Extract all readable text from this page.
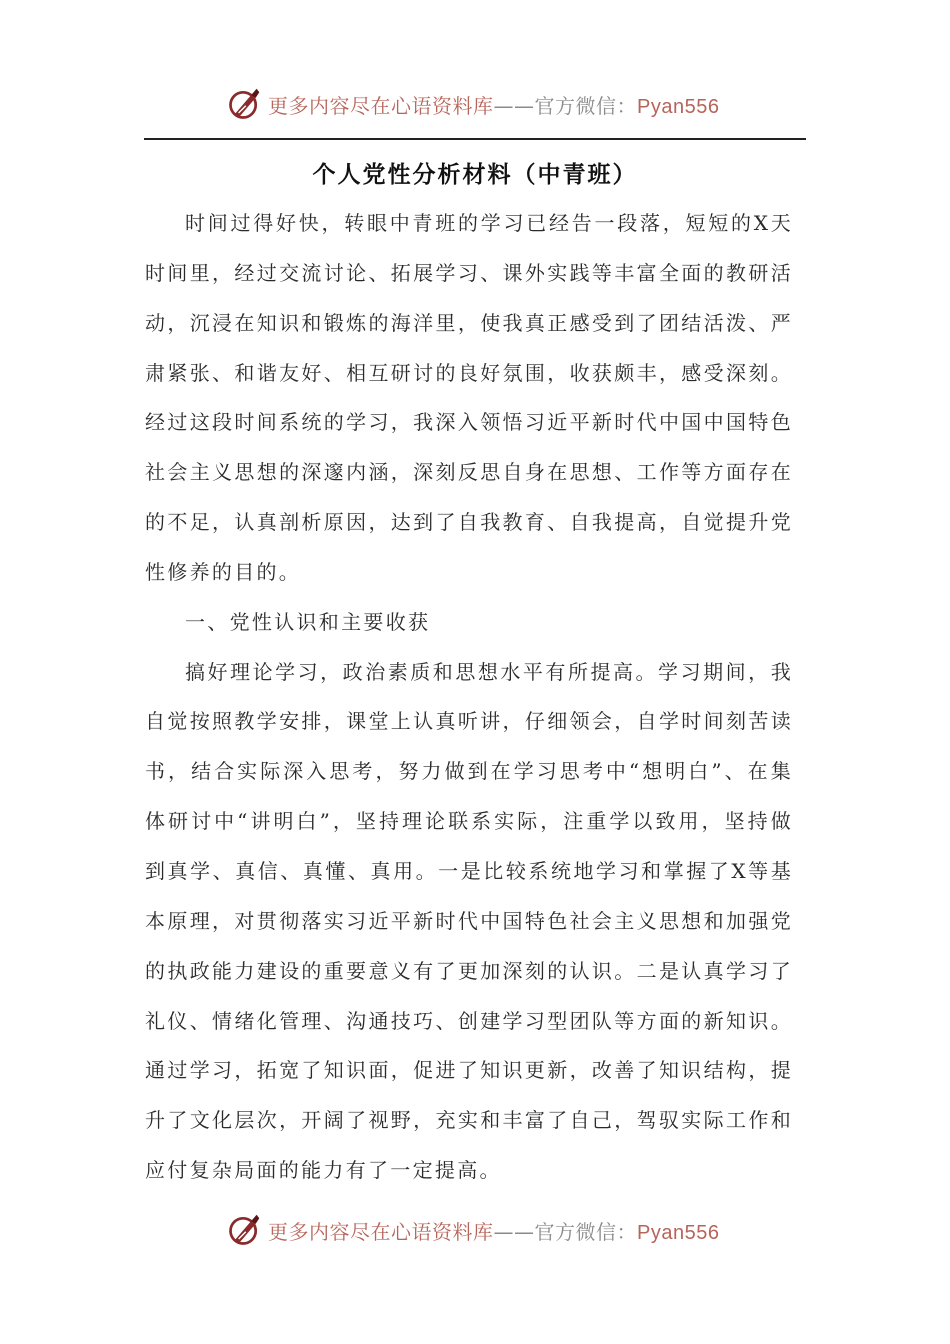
更多内容尽在心语资料库——官方微信：Pyan556
个人党性分析材料（中青班）

时间过得好快，转眼中青班的学习已经告一段落，短短的X天时间里，经过交流讨论、拓展学习、课外实践等丰富全面的教研活动，沉浸在知识和锻炼的海洋里，使我真正感受到了团结活泼、严肃紧张、和谐友好、相互研讨的良好氛围，收获颇丰，感受深刻。经过这段时间系统的学习，我深入领悟习近平新时代中国中国特色社会主义思想的深邃内涵，深刻反思自身在思想、工作等方面存在的不足，认真剖析原因，达到了自我教育、自我提高，自觉提升党性修养的目的。

一、党性认识和主要收获

搞好理论学习，政治素质和思想水平有所提高。学习期间，我自觉按照教学安排，课堂上认真听讲，仔细领会，自学时间刻苦读书，结合实际深入思考，努力做到在学习思考中“想明白”、在集体研讨中“讲明白”，坚持理论联系实际，注重学以致用，坚持做到真学、真信、真懂、真用。一是比较系统地学习和掌握了X等基本原理，对贯彻落实习近平新时代中国特色社会主义思想和加强党的执政能力建设的重要意义有了更加深刻的认识。二是认真学习了礼仪、情绪化管理、沟通技巧、创建学习型团队等方面的新知识。通过学习，拓宽了知识面，促进了知识更新，改善了知识结构，提升了文化层次，开阔了视野，充实和丰富了自己，驾驭实际工作和应付复杂局面的能力有了一定提高。

更多内容尽在心语资料库——官方微信：Pyan556
